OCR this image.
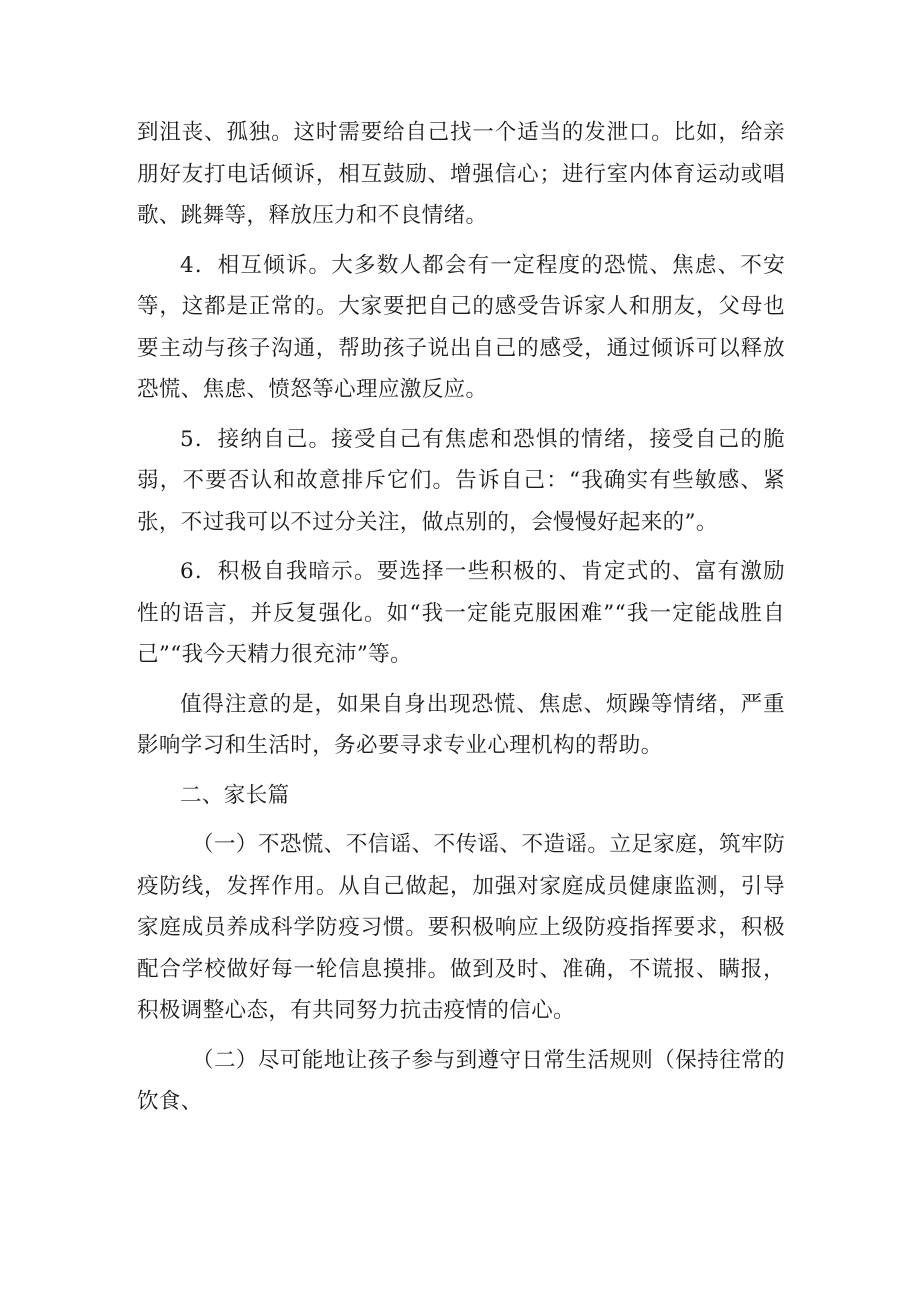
到沮丧、孤独。这时需要给自己找一个适当的发泄口。比如，给亲朋好友打电话倾诉，相互鼓励、增强信心；进行室内体育运动或唱歌、跳舞等，释放压力和不良情绪。

4．相互倾诉。大多数人都会有一定程度的恐慌、焦虑、不安等，这都是正常的。大家要把自己的感受告诉家人和朋友，父母也要主动与孩子沟通，帮助孩子说出自己的感受，通过倾诉可以释放恐慌、焦虑、愤怒等心理应激反应。

5．接纳自己。接受自己有焦虑和恐惧的情绪，接受自己的脆弱，不要否认和故意排斥它们。告诉自己：“我确实有些敏感、紧张，不过我可以不过分关注，做点别的，会慢慢好起来的”。

6．积极自我暗示。要选择一些积极的、肯定式的、富有激励性的语言，并反复强化。如“我一定能克服困难”“我一定能战胜自己”“我今天精力很充沛”等。

值得注意的是，如果自身出现恐慌、焦虑、烦躁等情绪，严重影响学习和生活时，务必要寻求专业心理机构的帮助。

二、家长篇

（一）不恐慌、不信谣、不传谣、不造谣。立足家庭，筑牢防疫防线，发挥作用。从自己做起，加强对家庭成员健康监测，引导家庭成员养成科学防疫习惯。要积极响应上级防疫指挥要求，积极配合学校做好每一轮信息摸排。做到及时、准确，不谎报、瞒报，积极调整心态，有共同努力抗击疫情的信心。

（二）尽可能地让孩子参与到遵守日常生活规则（保持往常的饮食、
